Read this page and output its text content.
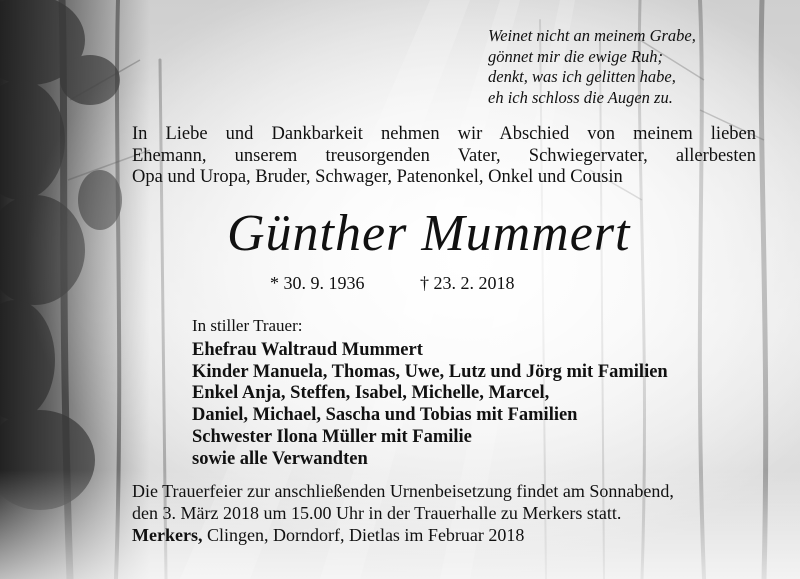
Weinet nicht an meinem Grabe,
gönnet mir die ewige Ruh;
denkt, was ich gelitten habe,
eh ich schloss die Augen zu.
In Liebe und Dankbarkeit nehmen wir Abschied von meinem lieben
Ehemann, unserem treusorgenden Vater, Schwiegervater, allerbesten
Opa und Uropa, Bruder, Schwager, Patenonkel, Onkel und Cousin
Günther Mummert
* 30. 9. 1936	† 23. 2. 2018
In stiller Trauer:
Ehefrau Waltraud Mummert
Kinder Manuela, Thomas, Uwe, Lutz und Jörg mit Familien
Enkel Anja, Steffen, Isabel, Michelle, Marcel,
Daniel, Michael, Sascha und Tobias mit Familien
Schwester Ilona Müller mit Familie
sowie alle Verwandten
Die Trauerfeier zur anschließenden Urnenbeisetzung findet am Sonnabend,
den 3. März 2018 um 15.00 Uhr in der Trauerhalle zu Merkers statt.
Merkers, Clingen, Dorndorf, Dietlas im Februar 2018
